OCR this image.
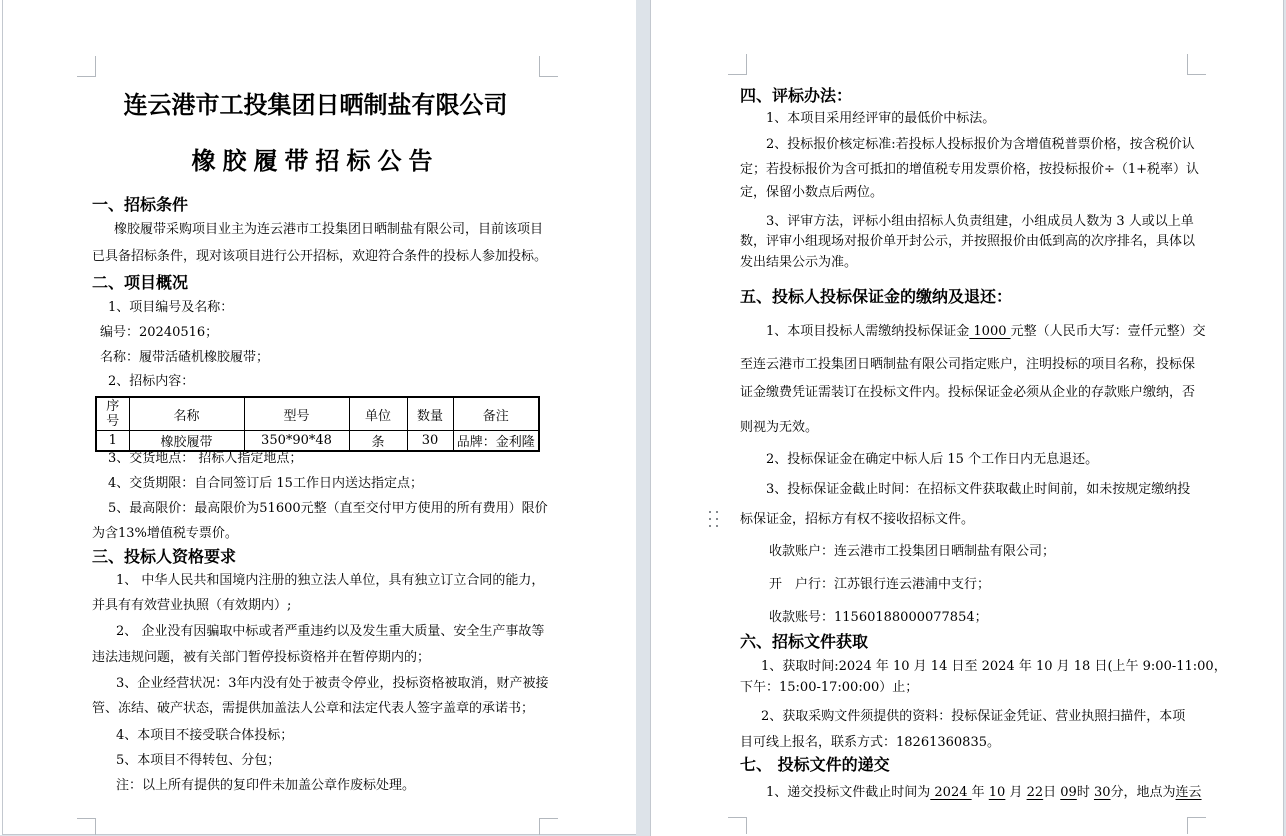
连云港市工投集团日晒制盐有限公司
橡胶履带招标公告
一、招标条件
橡胶履带采购项目业主为连云港市工投集团日晒制盐有限公司，目前该项目
已具备招标条件，现对该项目进行公开招标，欢迎符合条件的投标人参加投标。
二、项目概况
1、项目编号及名称：
编号：20240516；
名称：履带活碴机橡胶履带；
2、招标内容：
序号	名称	型号	单位	数量	备注
1	橡胶履带	350*90*48	条	30	品牌：金利隆
3、交货地点： 招标人指定地点；
4、交货期限：自合同签订后 15工作日内送达指定点；
5、最高限价：最高限价为51600元整（直至交付甲方使用的所有费用）限价
为含13%增值税专票价。
三、投标人资格要求
1、 中华人民共和国境内注册的独立法人单位，具有独立订立合同的能力，
并具有有效营业执照（有效期内）;
2、 企业没有因骗取中标或者严重违约以及发生重大质量、安全生产事故等
违法违规问题，被有关部门暂停投标资格并在暂停期内的；
3、企业经营状况：3年内没有处于被责令停业，投标资格被取消，财产被接
管、冻结、破产状态，需提供加盖法人公章和法定代表人签字盖章的承诺书；
4、本项目不接受联合体投标；
5、本项目不得转包、分包；
注：以上所有提供的复印件未加盖公章作废标处理。
四、评标办法：
1、本项目采用经评审的最低价中标法。
2、投标报价核定标准:若投标人投标报价为含增值税普票价格，按含税价认
定；若投标报价为含可抵扣的增值税专用发票价格，按投标报价÷（1+税率）认
定，保留小数点后两位。
3、评审方法，评标小组由招标人负责组建，小组成员人数为 3 人或以上单
数，评审小组现场对报价单开封公示，并按照报价由低到高的次序排名，具体以
发出结果公示为准。
五、投标人投标保证金的缴纳及退还：
1、本项目投标人需缴纳投标保证金 1000 元整（人民币大写：壹仟元整）交
至连云港市工投集团日晒制盐有限公司指定账户，注明投标的项目名称，投标保
证金缴费凭证需装订在投标文件内。投标保证金必须从企业的存款账户缴纳，否
则视为无效。
2、投标保证金在确定中标人后 15 个工作日内无息退还。
3、投标保证金截止时间：在招标文件获取截止时间前，如未按规定缴纳投
标保证金，招标方有权不接收招标文件。
收款账户：连云港市工投集团日晒制盐有限公司；
开　户行：江苏银行连云港浦中支行；
收款账号：11560188000077854；
六、招标文件获取
1、获取时间:2024 年 10 月 14 日至 2024 年 10 月 18 日(上午 9:00-11:00，
下午：15:00-17:00:00）止；
2、获取采购文件须提供的资料：投标保证金凭证、营业执照扫描件，本项
目可线上报名，联系方式：18261360835。
七、 投标文件的递交
1、递交投标文件截止时间为 2024 年 10 月 22日 09时 30分，地点为连云
